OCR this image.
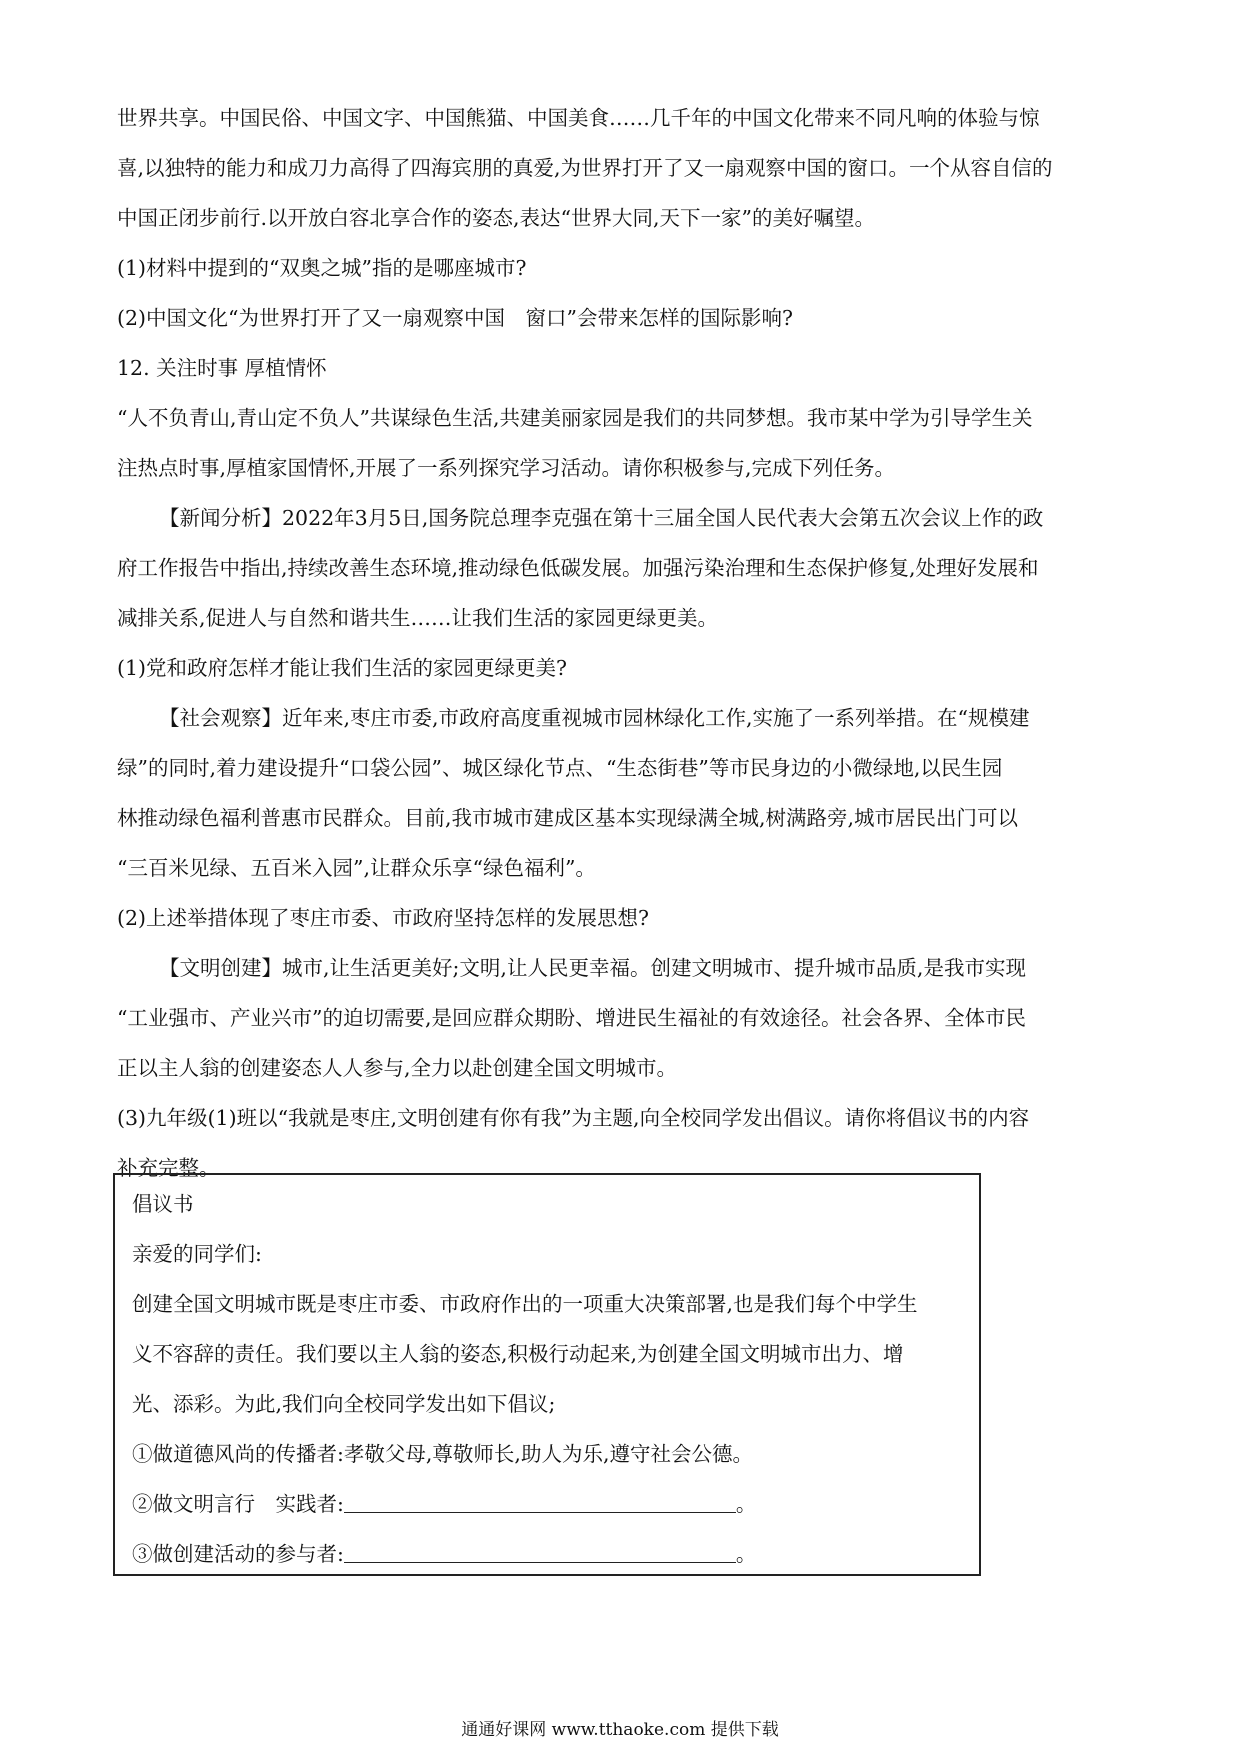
世界共享。中国民俗、中国文字、中国熊猫、中国美食……几千年的中国文化带来不同凡响的体验与惊

喜,以独特的能力和成刀力高得了四海宾朋的真爱,为世界打开了又一扇观察中国的窗口。一个从容自信的

中国正闭步前行.以开放白容北享合作的姿态,表达“世界大同,天下一家”的美好嘱望。

(1)材料中提到的“双奥之城”指的是哪座城市?

(2)中国文化“为世界打开了又一扇观察中国　窗口”会带来怎样的国际影响?

12. 关注时事 厚植情怀

“人不负青山,青山定不负人”共谋绿色生活,共建美丽家园是我们的共同梦想。我市某中学为引导学生关

注热点时事,厚植家国情怀,开展了一系列探究学习活动。请你积极参与,完成下列任务。

【新闻分析】2022年3月5日,国务院总理李克强在第十三届全国人民代表大会第五次会议上作的政

府工作报告中指出,持续改善生态环境,推动绿色低碳发展。加强污染治理和生态保护修复,处理好发展和

减排关系,促进人与自然和谐共生……让我们生活的家园更绿更美。

(1)党和政府怎样才能让我们生活的家园更绿更美?

【社会观察】近年来,枣庄市委,市政府高度重视城市园林绿化工作,实施了一系列举措。在“规模建

绿”的同时,着力建设提升“口袋公园”、城区绿化节点、“生态街巷”等市民身边的小微绿地,以民生园

林推动绿色福利普惠市民群众。目前,我市城市建成区基本实现绿满全城,树满路旁,城市居民出门可以

“三百米见绿、五百米入园”,让群众乐享“绿色福利”。

(2)上述举措体现了枣庄市委、市政府坚持怎样的发展思想?

【文明创建】城市,让生活更美好;文明,让人民更幸福。创建文明城市、提升城市品质,是我市实现

“工业强市、产业兴市”的迫切需要,是回应群众期盼、增进民生福祉的有效途径。社会各界、全体市民

正以主人翁的创建姿态人人参与,全力以赴创建全国文明城市。

(3)九年级(1)班以“我就是枣庄,文明创建有你有我”为主题,向全校同学发出倡议。请你将倡议书的内容

补充完整。

倡议书

亲爱的同学们:

创建全国文明城市既是枣庄市委、市政府作出的一项重大决策部署,也是我们每个中学生

义不容辞的责任。我们要以主人翁的姿态,积极行动起来,为创建全国文明城市出力、增

光、添彩。为此,我们向全校同学发出如下倡议;

①做道德风尚的传播者:孝敬父母,尊敬师长,助人为乐,遵守社会公德。

②做文明言行　实践者:	。

③做创建活动的参与者:	。

通通好课网 www.tthaoke.com 提供下载
